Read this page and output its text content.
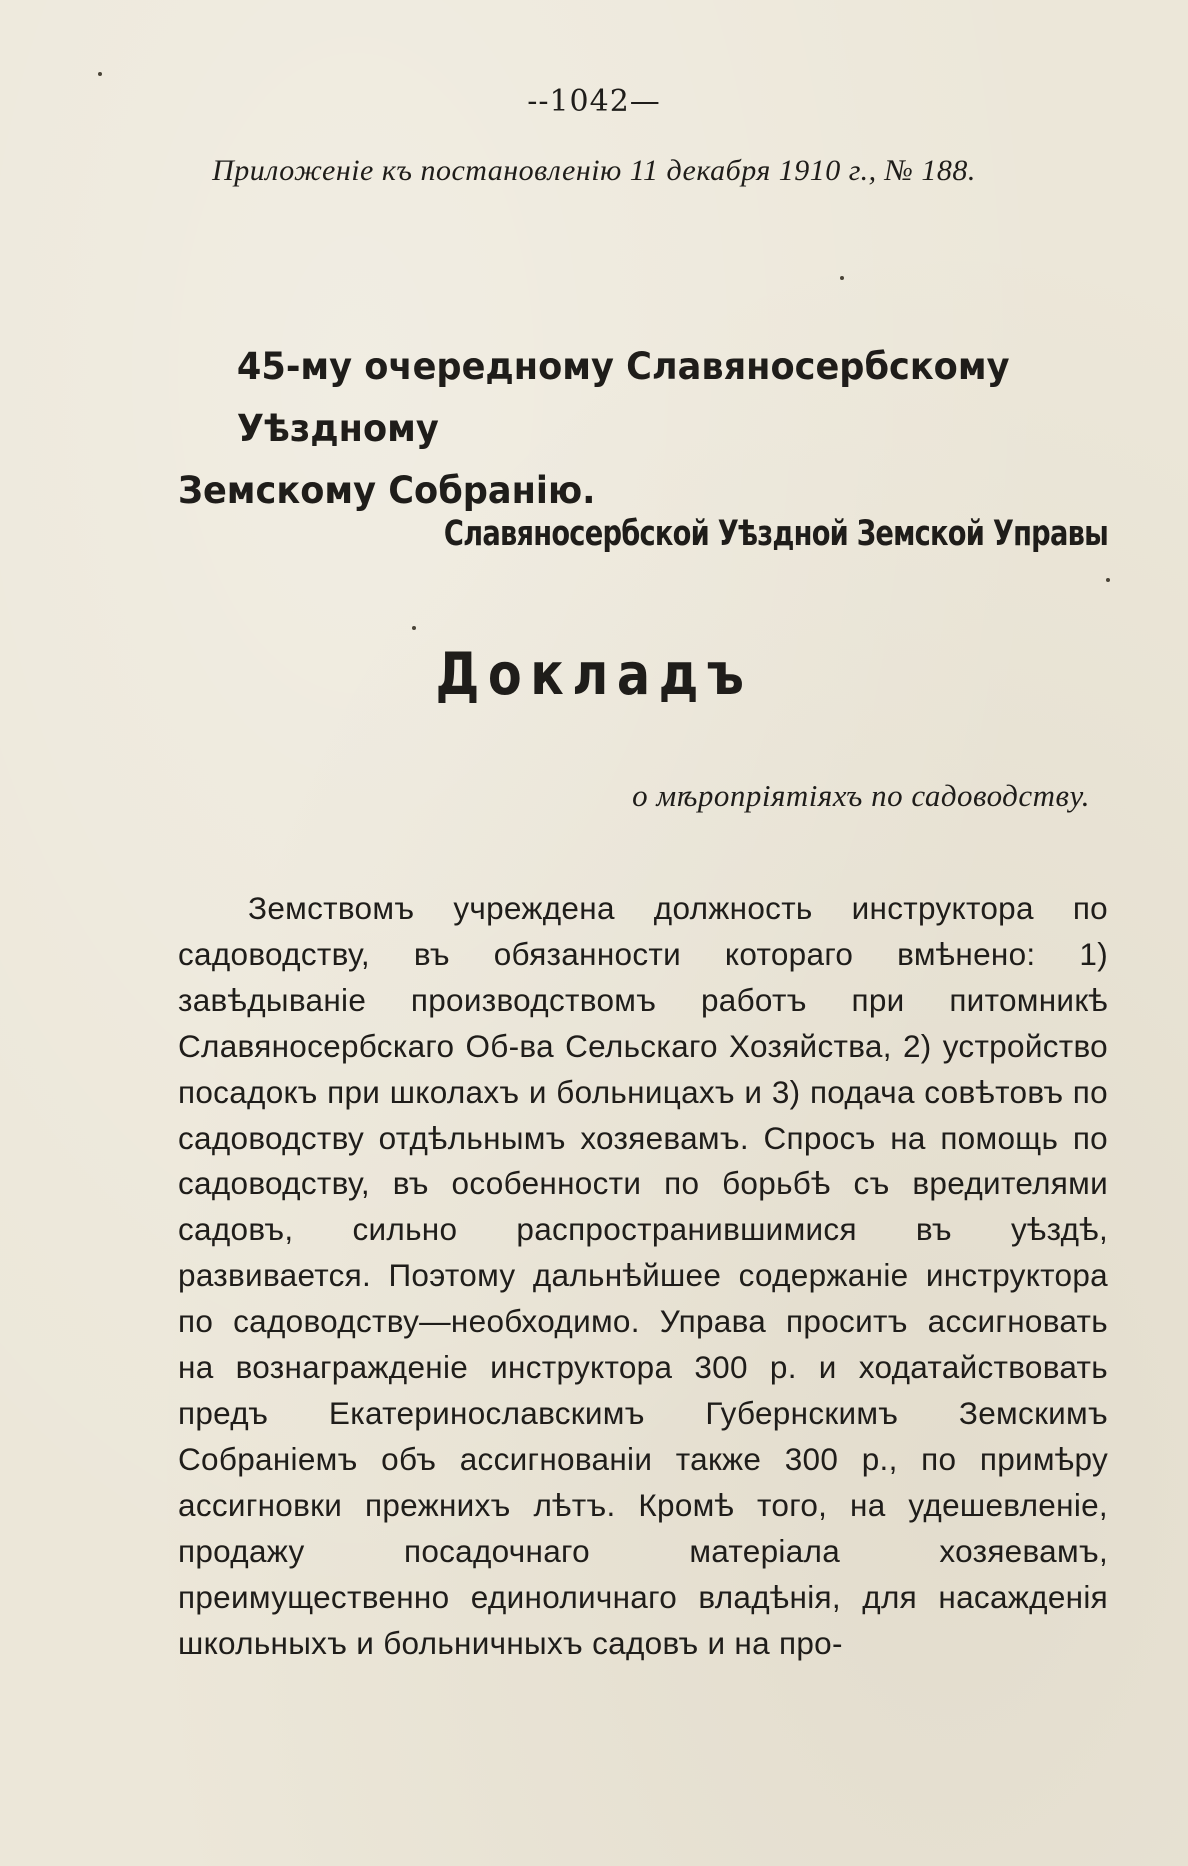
--1042—
Приложеніе къ постановленію 11 декабря 1910 г., № 188.
45-му очередному Славяносербскому Уѣздному
Земскому Собранію.
Славяносербской Уѣздной Земской Управы
Докладъ
о мѣропріятіяхъ по садоводству.

Земствомъ учреждена должность инструктора по садоводству, въ обязанности котораго вмѣнено: 1) завѣдываніе производствомъ работъ при питомникѣ Славяносербскаго Об-ва Сельскаго Хозяйства, 2) устройство посадокъ при школахъ и больницахъ и 3) подача совѣтовъ по садоводству отдѣльнымъ хозяевамъ. Спросъ на помощь по садоводству, въ особенности по борьбѣ съ вредителями садовъ, сильно распространившимися въ уѣздѣ, развивается. Поэтому дальнѣйшее содержаніе инструктора по садоводству—необходимо. Управа проситъ ассигновать на вознагражденіе инструктора 300 р. и ходатайствовать предъ Екатеринославскимъ Губернскимъ Земскимъ Собраніемъ объ ассигнованіи также 300 р., по примѣру ассигновки прежнихъ лѣтъ. Кромѣ того, на удешевленіе, продажу посадочнаго матеріала хозяевамъ, преимущественно единоличнаго владѣнія, для насажденія школьныхъ и больничныхъ садовъ и на про-
